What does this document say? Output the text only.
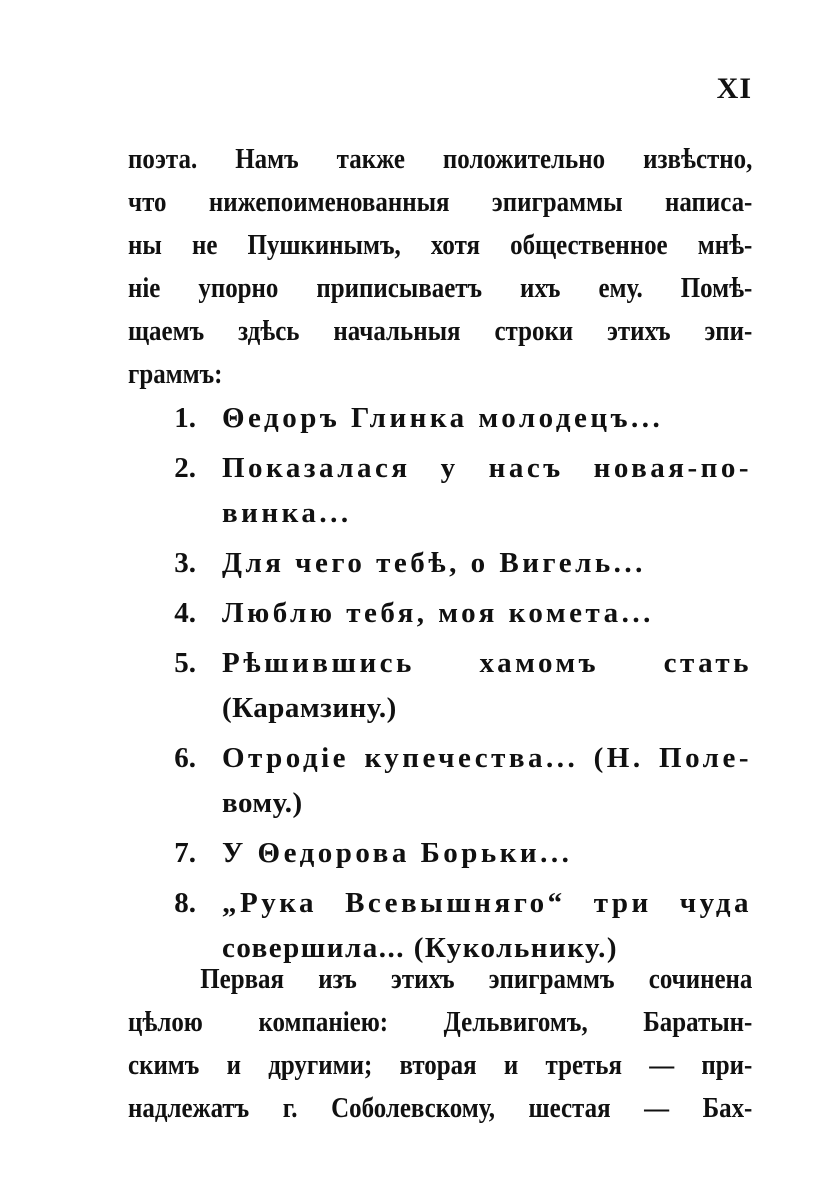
XI
поэта. Намъ также положительно извѣстно,
что нижепоименованныя эпиграммы написа-
ны не Пушкинымъ, хотя общественное мнѣ-
ніе упорно приписываетъ ихъ ему. Помѣ-
щаемъ здѣсь начальныя строки этихъ эпи-
граммъ:
1. Θедоръ Глинка молодецъ...
2. Показалася у насъ новая-по-
винка...
3. Для чего тебѣ, о Вигель...
4. Люблю тебя, моя комета...
5. Рѣшившись хамомъ стать
(Карамзину.)
6. Отродіе купечества... (Н. Поле-
вому.)
7. У Θедорова Борьки...
8. „Рука Всевышняго“ три чуда
совершила... (Кукольнику.)
Первая изъ этихъ эпиграммъ сочинена
цѣлою компаніею: Дельвигомъ, Баратын-
скимъ и другими; вторая и третья — при-
надлежатъ г. Соболевскому, шестая — Бах-
